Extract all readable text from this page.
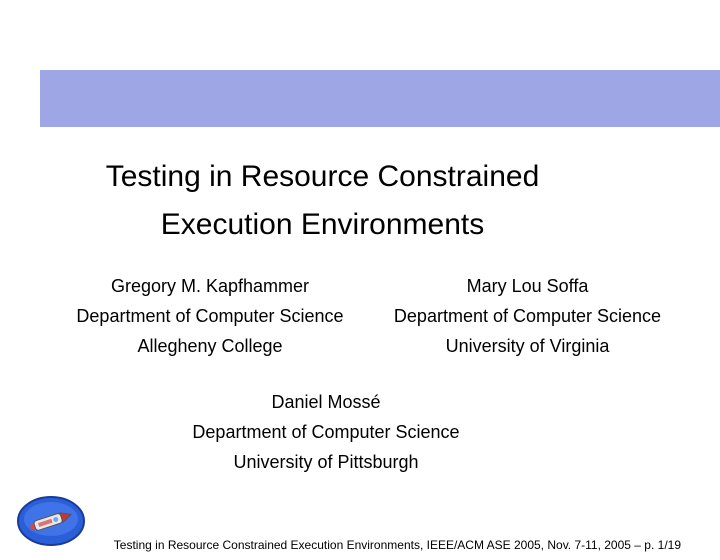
Testing in Resource Constrained
Execution Environments
Gregory M. Kapfhammer
Department of Computer Science
Allegheny College
Mary Lou Soffa
Department of Computer Science
University of Virginia
Daniel Mossé
Department of Computer Science
University of Pittsburgh
Testing in Resource Constrained Execution Environments, IEEE/ACM ASE 2005, Nov. 7-11, 2005 – p. 1/19
